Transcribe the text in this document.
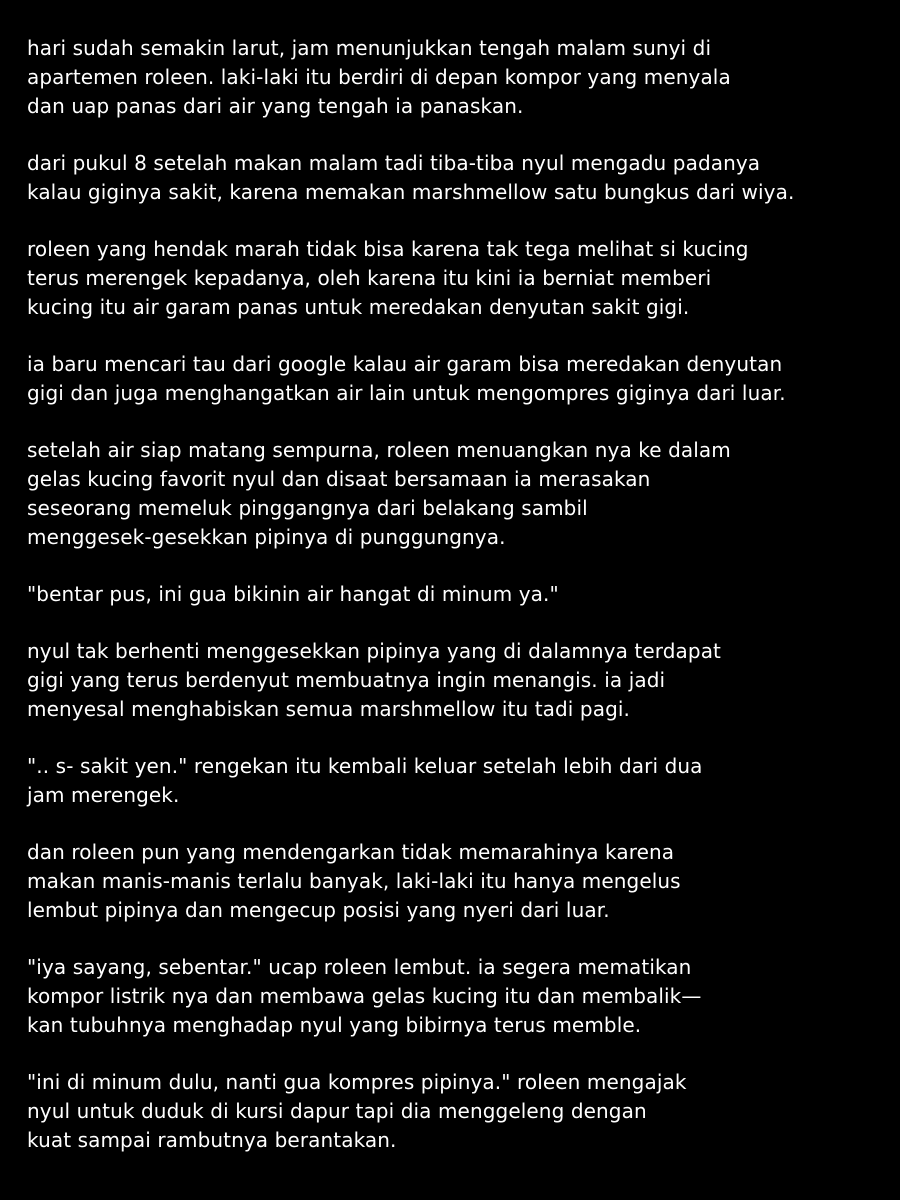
hari sudah semakin larut, jam menunjukkan tengah malam sunyi di
apartemen roleen. laki-laki itu berdiri di depan kompor yang menyala
dan uap panas dari air yang tengah ia panaskan.
dari pukul 8 setelah makan malam tadi tiba-tiba nyul mengadu padanya
kalau giginya sakit, karena memakan marshmellow satu bungkus dari wiya.
roleen yang hendak marah tidak bisa karena tak tega melihat si kucing
terus merengek kepadanya, oleh karena itu kini ia berniat memberi
kucing itu air garam panas untuk meredakan denyutan sakit gigi.
ia baru mencari tau dari google kalau air garam bisa meredakan denyutan
gigi dan juga menghangatkan air lain untuk mengompres giginya dari luar.
setelah air siap matang sempurna, roleen menuangkan nya ke dalam
gelas kucing favorit nyul dan disaat bersamaan ia merasakan
seseorang memeluk pinggangnya dari belakang sambil
menggesek-gesekkan pipinya di punggungnya.
"bentar pus, ini gua bikinin air hangat di minum ya."
nyul tak berhenti menggesekkan pipinya yang di dalamnya terdapat
gigi yang terus berdenyut membuatnya ingin menangis. ia jadi
menyesal menghabiskan semua marshmellow itu tadi pagi.
".. s- sakit yen." rengekan itu kembali keluar setelah lebih dari dua
jam merengek.
dan roleen pun yang mendengarkan tidak memarahinya karena
makan manis-manis terlalu banyak, laki-laki itu hanya mengelus
lembut pipinya dan mengecup posisi yang nyeri dari luar.
"iya sayang, sebentar." ucap roleen lembut. ia segera mematikan
kompor listrik nya dan membawa gelas kucing itu dan membalik—
kan tubuhnya menghadap nyul yang bibirnya terus memble.
"ini di minum dulu, nanti gua kompres pipinya." roleen mengajak
nyul untuk duduk di kursi dapur tapi dia menggeleng dengan
kuat sampai rambutnya berantakan.
